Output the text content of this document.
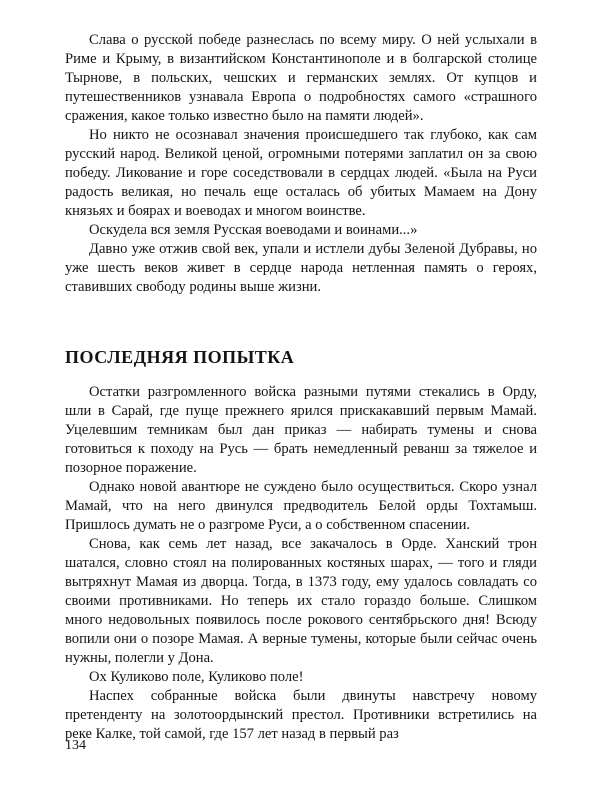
Слава о русской победе разнеслась по всему миру. О ней услыхали в Риме и Крыму, в византийском Константинополе и в болгарской столице Тырнове, в польских, чешских и германских землях. От купцов и путешественников узнавала Европа о подробностях самого «страшного сражения, какое только известно было на памяти людей».

Но никто не осознавал значения происшедшего так глубоко, как сам русский народ. Великой ценой, огромными потерями заплатил он за свою победу. Ликование и горе соседствовали в сердцах людей. «Была на Руси радость великая, но печаль еще осталась об убитых Мамаем на Дону князьях и боярах и воеводах и многом воинстве.

Оскудела вся земля Русская воеводами и воинами...»

Давно уже отжив свой век, упали и истлели дубы Зеленой Дубравы, но уже шесть веков живет в сердце народа нетленная память о героях, ставивших свободу родины выше жизни.

ПОСЛЕДНЯЯ ПОПЫТКА

Остатки разгромленного войска разными путями стекались в Орду, шли в Сарай, где пуще прежнего ярился прискакавший первым Мамай. Уцелевшим темникам был дан приказ — набирать тумены и снова готовиться к походу на Русь — брать немедленный реванш за тяжелое и позорное поражение.

Однако новой авантюре не суждено было осуществиться. Скоро узнал Мамай, что на него двинулся предводитель Белой орды Тохтамыш. Пришлось думать не о разгроме Руси, а о собственном спасении.

Снова, как семь лет назад, все закачалось в Орде. Ханский трон шатался, словно стоял на полированных костяных шарах, — того и гляди вытряхнут Мамая из дворца. Тогда, в 1373 году, ему удалось совладать со своими противниками. Но теперь их стало гораздо больше. Слишком много недовольных появилось после рокового сентябрьского дня! Всюду вопили они о позоре Мамая. А верные тумены, которые были сейчас очень нужны, полегли у Дона.

Ох Куликово поле, Куликово поле!

Наспех собранные войска были двинуты навстречу новому претенденту на золотоордынский престол. Противники встретились на реке Калке, той самой, где 157 лет назад в первый раз

134
